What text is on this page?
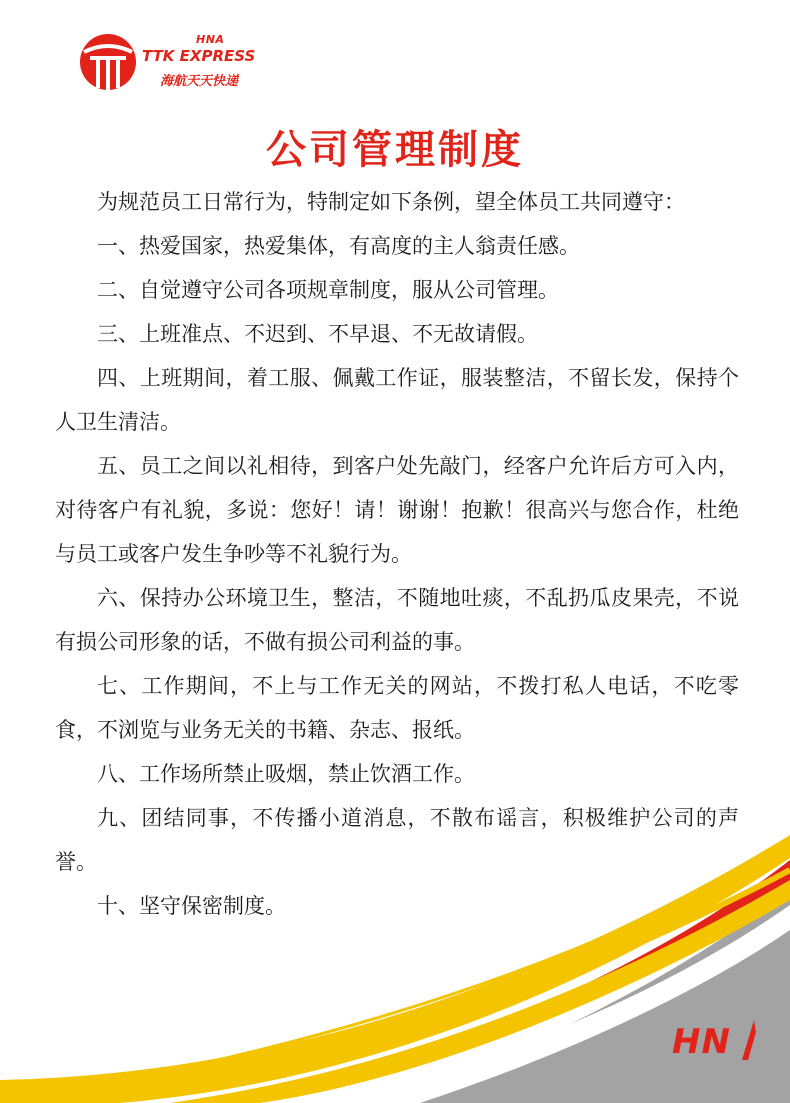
HNA
TTK EXPRESS
海航天天快递
公司管理制度

为规范员工日常行为，特制定如下条例，望全体员工共同遵守：

一、热爱国家，热爱集体，有高度的主人翁责任感。

二、自觉遵守公司各项规章制度，服从公司管理。

三、上班准点、不迟到、不早退、不无故请假。

四、上班期间，着工服、佩戴工作证，服装整洁，不留长发，保持个人卫生清洁。

五、员工之间以礼相待，到客户处先敲门，经客户允许后方可入内，对待客户有礼貌，多说：您好！请！谢谢！抱歉！很高兴与您合作，杜绝与员工或客户发生争吵等不礼貌行为。

六、保持办公环境卫生，整洁，不随地吐痰，不乱扔瓜皮果壳，不说有损公司形象的话，不做有损公司利益的事。

七、工作期间，不上与工作无关的网站，不拨打私人电话，不吃零食，不浏览与业务无关的书籍、杂志、报纸。

八、工作场所禁止吸烟，禁止饮酒工作。

九、团结同事，不传播小道消息，不散布谣言，积极维护公司的声誉。

十、坚守保密制度。

HN
